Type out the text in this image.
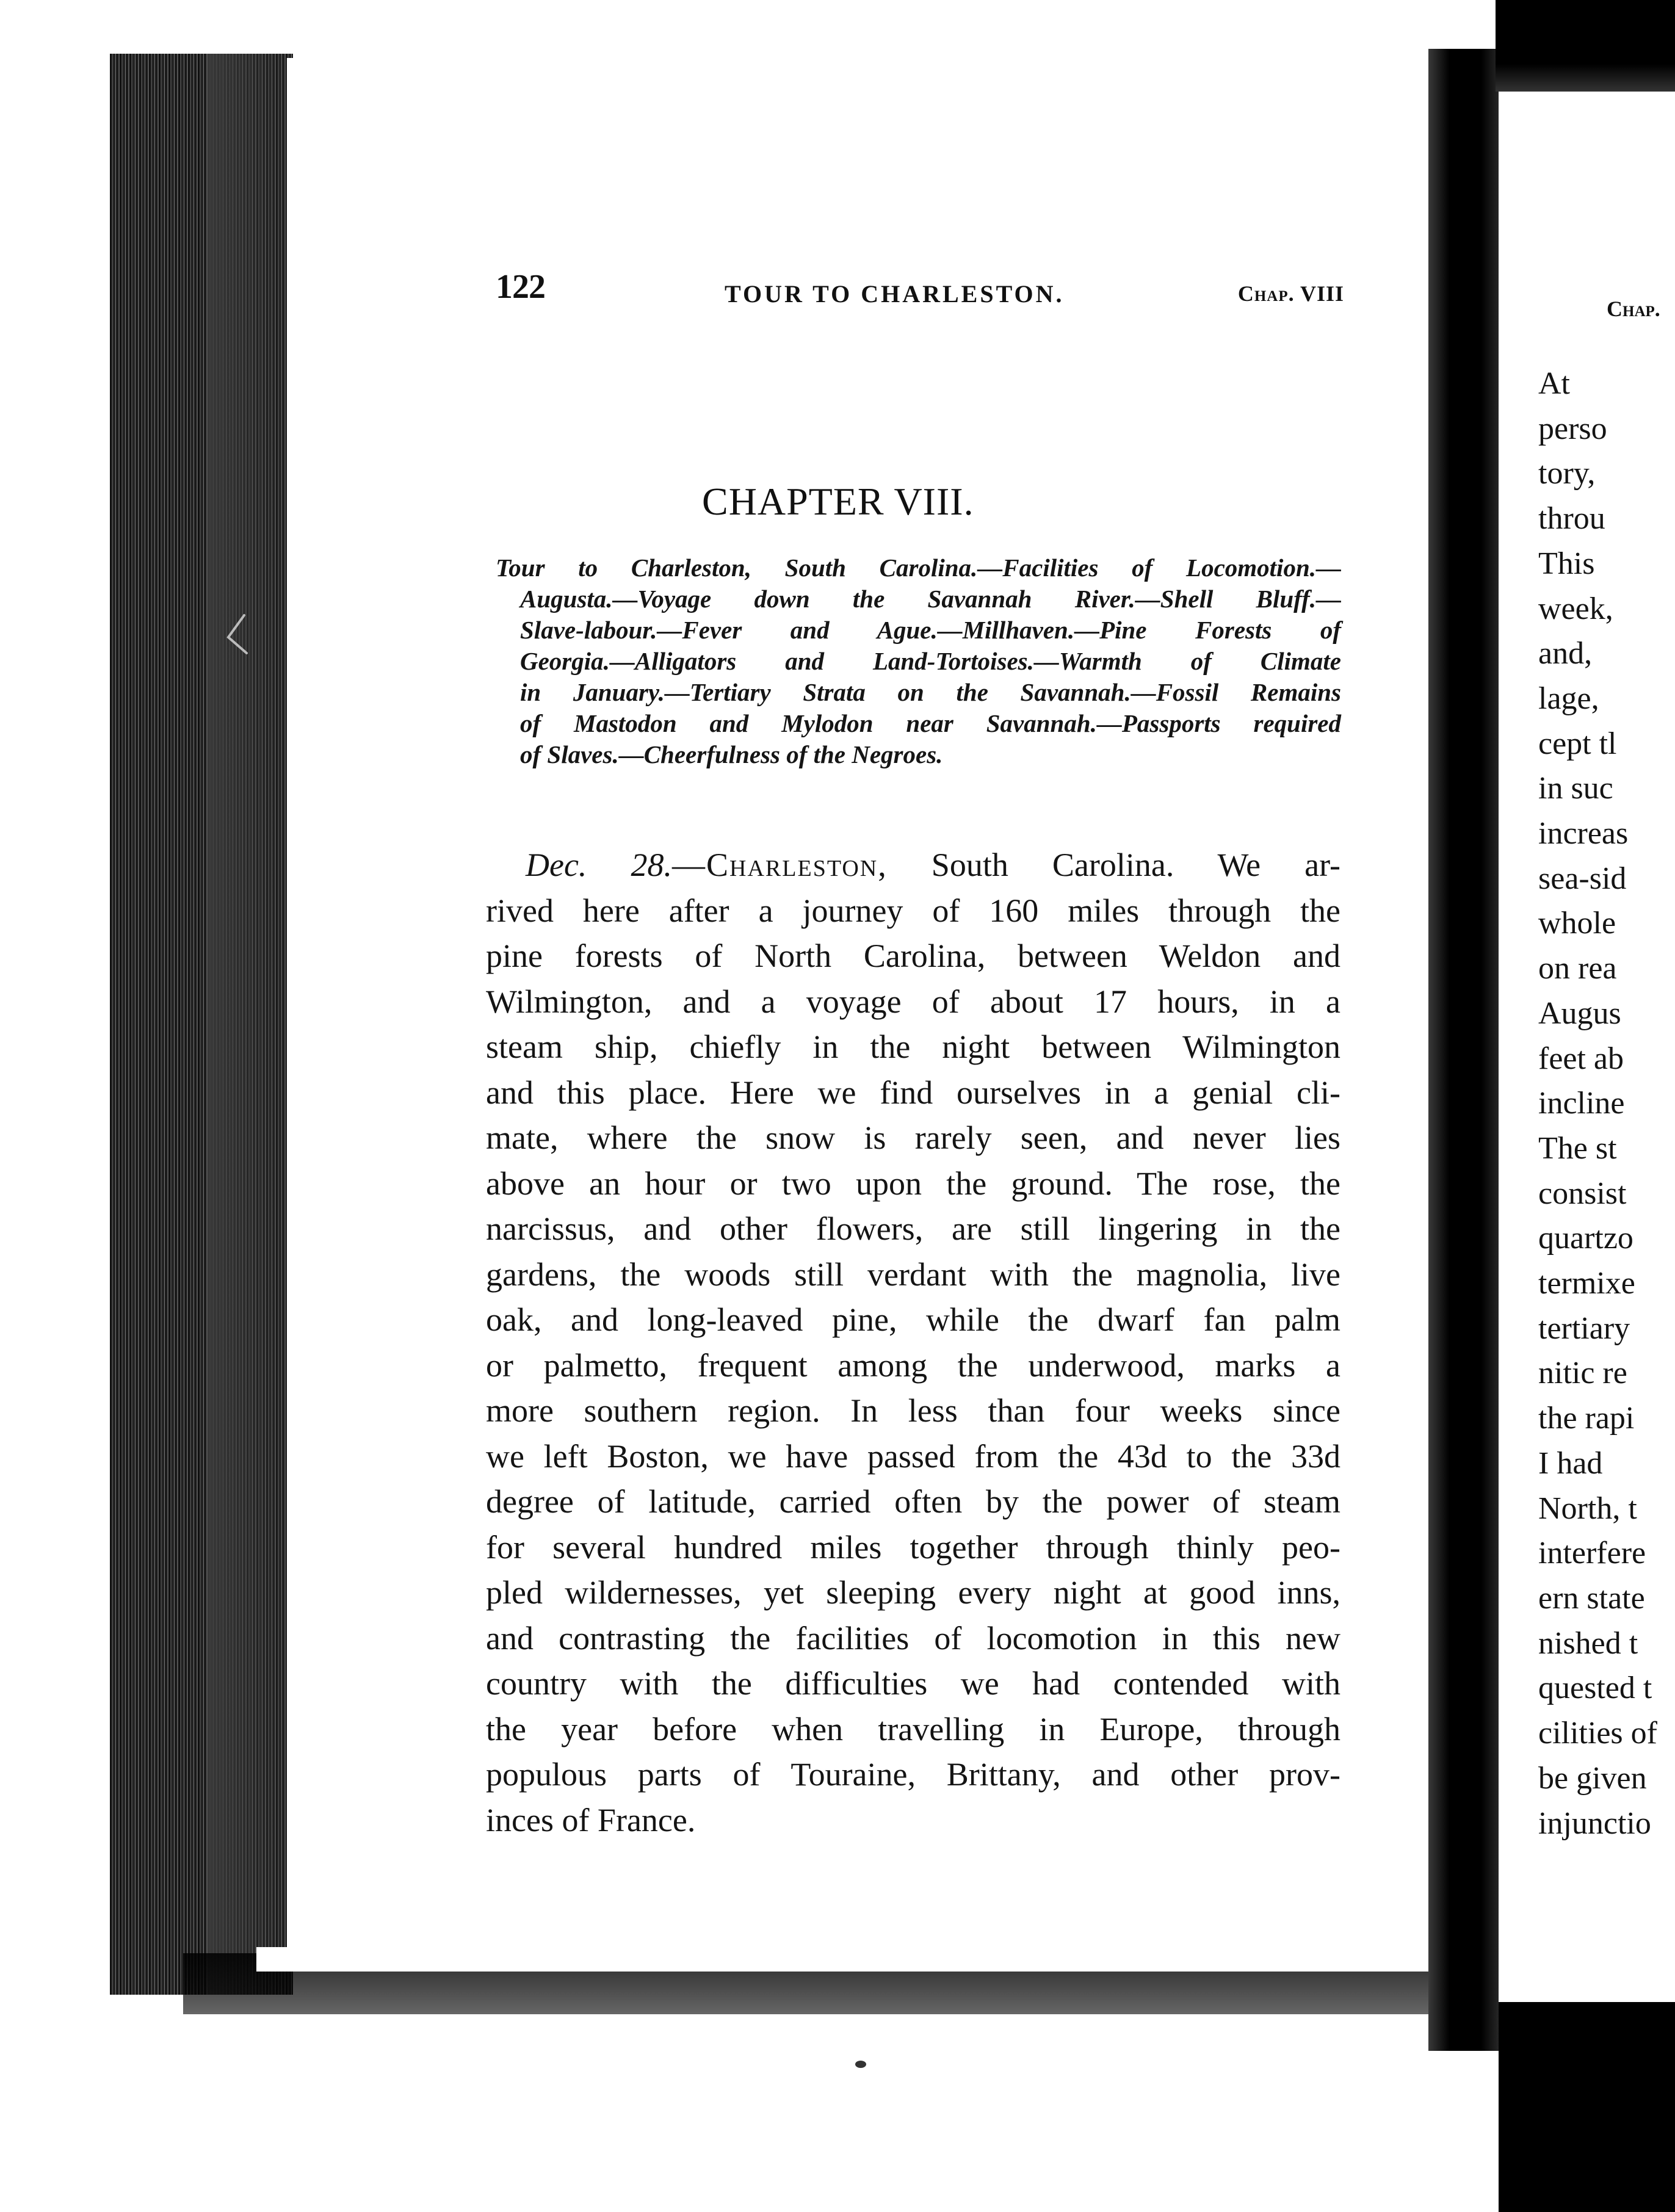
122	TOUR TO CHARLESTON.	Chap. VIII
CHAPTER VIII.
Tour to Charleston, South Carolina.—Facilities of Locomotion.—
Augusta.—Voyage down the Savannah River.—Shell Bluff.—
Slave-labour.—Fever and Ague.—Millhaven.—Pine Forests of
Georgia.—Alligators and Land-Tortoises.—Warmth of Climate
in January.—Tertiary Strata on the Savannah.—Fossil Remains
of Mastodon and Mylodon near Savannah.—Passports required
of Slaves.—Cheerfulness of the Negroes.
Dec. 28.—Charleston, South Carolina. We ar-
rived here after a journey of 160 miles through the
pine forests of North Carolina, between Weldon and
Wilmington, and a voyage of about 17 hours, in a
steam ship, chiefly in the night between Wilmington
and this place. Here we find ourselves in a genial cli-
mate, where the snow is rarely seen, and never lies
above an hour or two upon the ground. The rose, the
narcissus, and other flowers, are still lingering in the
gardens, the woods still verdant with the magnolia, live
oak, and long-leaved pine, while the dwarf fan palm
or palmetto, frequent among the underwood, marks a
more southern region. In less than four weeks since
we left Boston, we have passed from the 43d to the 33d
degree of latitude, carried often by the power of steam
for several hundred miles together through thinly peo-
pled wildernesses, yet sleeping every night at good inns,
and contrasting the facilities of locomotion in this new
country with the difficulties we had contended with
the year before when travelling in Europe, through
populous parts of Touraine, Brittany, and other prov-
inces of France.
Chap.
At
perso
tory,
throu
This
week,
and,
lage,
cept tl
in suc
increas
sea-sid
whole
on rea
Augus
feet ab
incline
The st
consist
quartzo
termixe
tertiary
nitic re
the rapi
I had
North, t
interfere
ern state
nished t
quested t
cilities of
be given
injunctio
